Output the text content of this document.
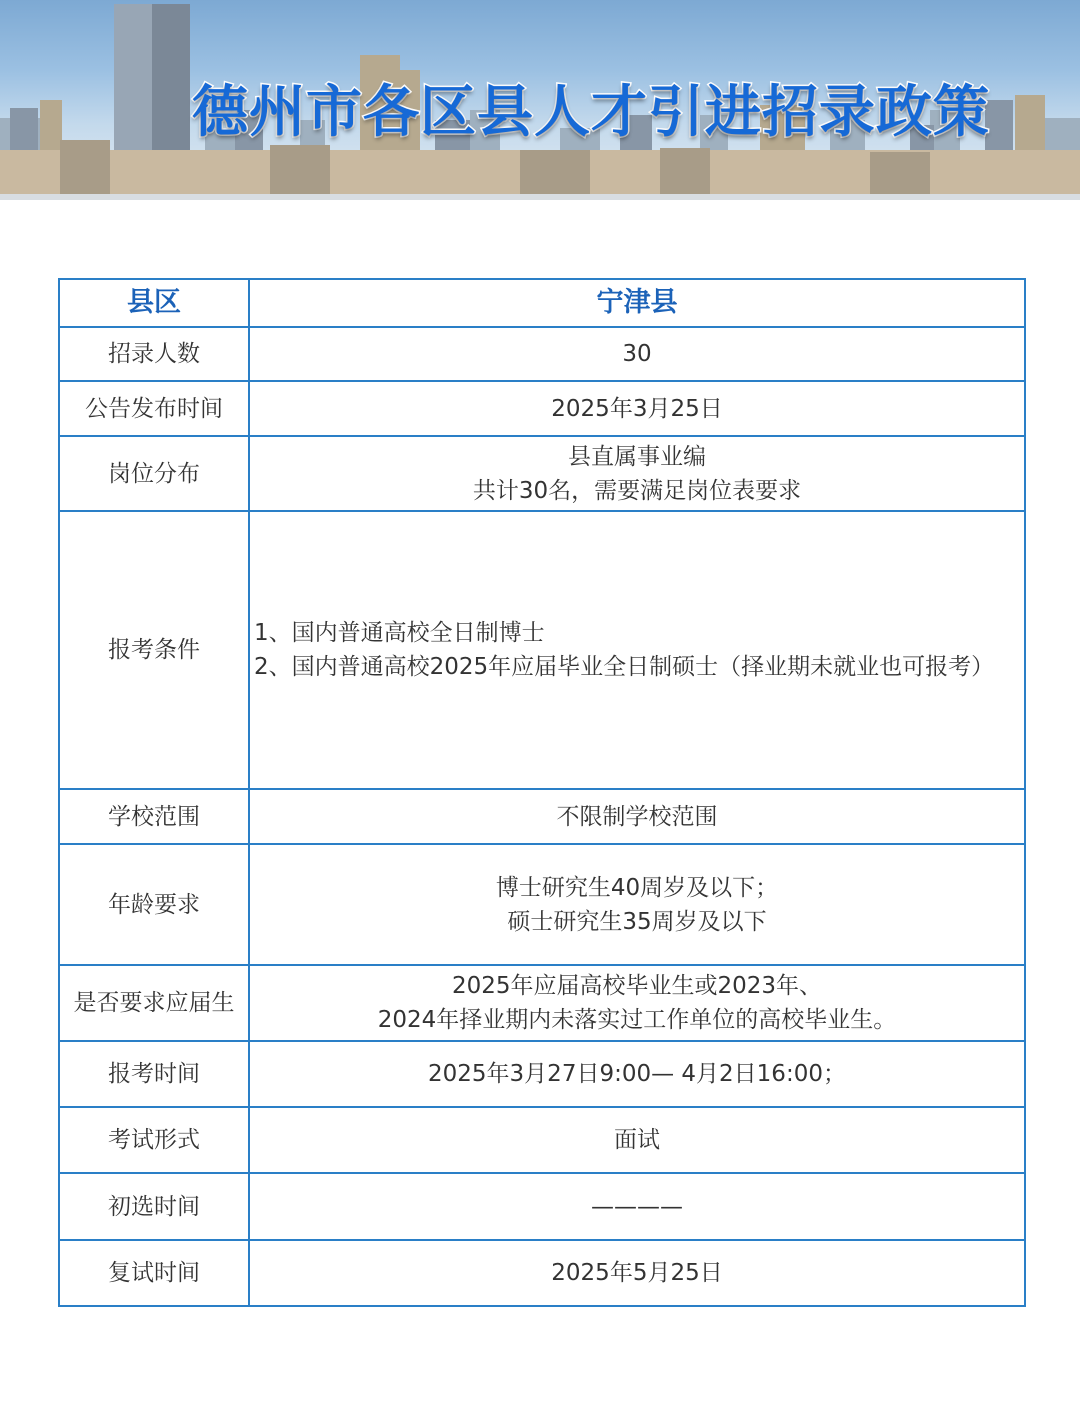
德州市各区县人才引进招录政策
县区	宁津县
招录人数	30

公告发布时间	2025年3月25日

岗位分布	县直属事业编
共计30名，需要满足岗位表要求

报考条件	1、国内普通高校全日制博士
2、国内普通高校2025年应届毕业全日制硕士（择业期未就业也可报考）

学校范围	不限制学校范围

年龄要求	博士研究生40周岁及以下；
硕士研究生35周岁及以下

是否要求应届生	2025年应届高校毕业生或2023年、
2024年择业期内未落实过工作单位的高校毕业生。

报考时间	2025年3月27日9:00— 4月2日16:00；

考试形式	面试

初选时间	————

复试时间	2025年5月25日
